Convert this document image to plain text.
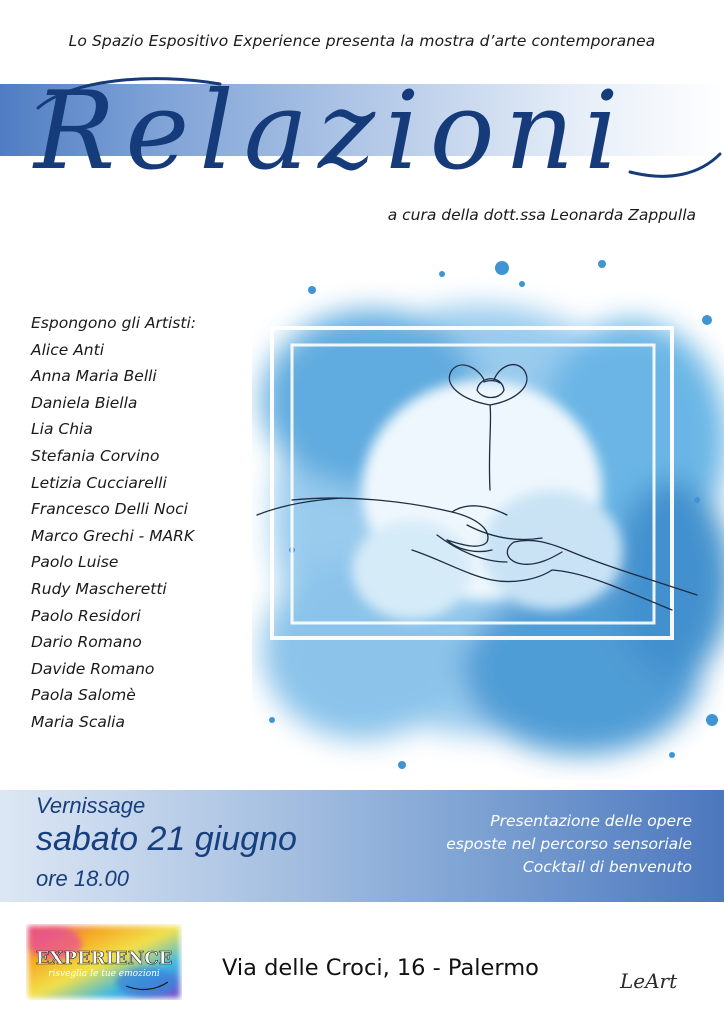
Lo Spazio Espositivo Experience presenta la mostra d’arte contemporanea
Relazioni
a cura della dott.ssa Leonarda Zappulla
Espongono gli Artisti:
Alice Anti
Anna Maria Belli
Daniela Biella
Lia Chia
Stefania Corvino
Letizia Cucciarelli
Francesco Delli Noci
Marco Grechi - MARK
Paolo Luise
Rudy Mascheretti
Paolo Residori
Dario Romano
Davide Romano
Paola Salomè
Maria Scalia
Vernissage
sabato 21 giugno
ore 18.00
Presentazione delle opere
esposte nel percorso sensoriale
Cocktail di benvenuto
EXPERIENCE
risveglia le tue emozioni	Via delle Croci, 16 - Palermo	LeArt
